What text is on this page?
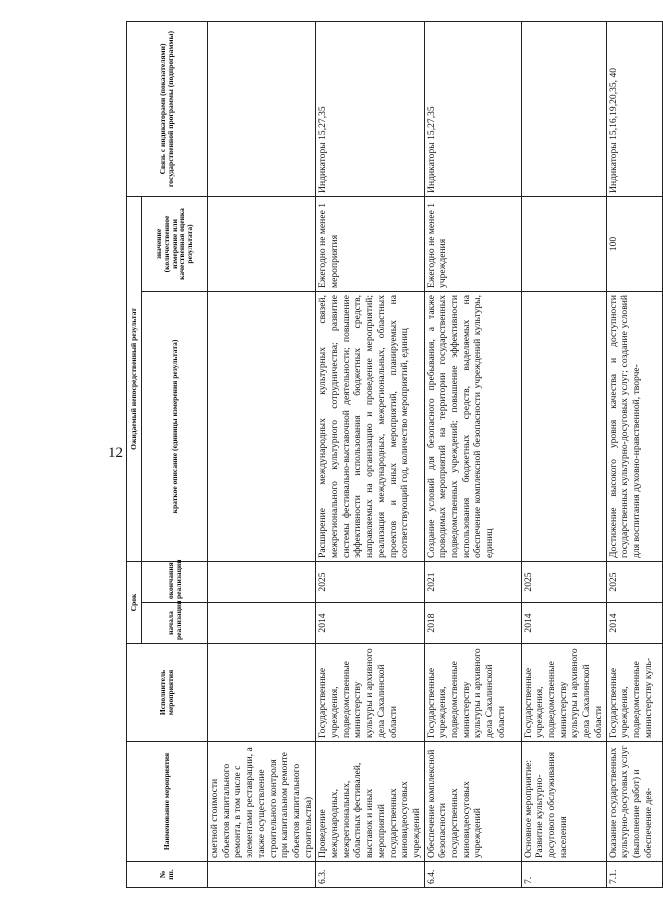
12
№ пп.	Наименование мероприятия	Исполнитель мероприятия	Срок		Ожидаемый непосредственный результат		Связь с индикаторами (показателями) государственной программы (подпрограммы)
			начала реализации	окончания реализации	краткое описание (единицы измерения результата)	значение (количественное измерение или качественная оценка результата)	
	сметной стоимости объектов капитального ремонта, в том числе с элементами реставрации, а также осуществление строительного контроля при капитальном ремонте объектов капитального строительства)						
6.3.	Проведение международных, межрегиональных, областных фестивалей, выставок и иных мероприятий государственных киновидеосуговых учреждений	Государственные учреждения, подведомственные министерству культуры и архивного дела Сахалинской области	2014	2025	Расширение международных культурных связей, межрегионального культурного сотрудничества; развитие системы фестивально-выставочной деятельности; повышение эффективности использования бюджетных средств, направляемых на организацию и проведение мероприятий; реализация международных, межрегиональных, областных проектов и иных мероприятий, планируемых на соответствующий год, количество мероприятий, единиц	Ежегодно не менее 1 мероприятия	Индикаторы 15,27,35
6.4.	Обеспечение комплексной безопасности государственных киновидеосуговых учреждений	Государственные учреждения, подведомственные министерству культуры и архивного дела Сахалинской области	2018	2021	Создание условий для безопасного пребывания, а также проводимых мероприятий на территории государственных подведомственных учреждений; повышение эффективности использования бюджетных средств, выделяемых на обеспечение комплексной безопасности учреждений культуры, единиц	Ежегодно не менее 1 учреждения	Индикаторы 15,27,35
7.	Основное мероприятие: Развитие культурно-досугового обслуживания населения	Государственные учреждения, подведомственные министерству культуры и архивного дела Сахалинской области	2014	2025			
7.1.	Оказание государственных культурно-досуговых услуг (выполнение работ) и обеспечение дея-	Государственные учреждения, подведомственные министерству куль-	2014	2025	Достижение высокого уровня качества и доступности государственных культурно-досуговых услуг; создание условий для воспитания духовно-нравственной, творче-	100	Индикаторы 15,16,19,20,35, 40
